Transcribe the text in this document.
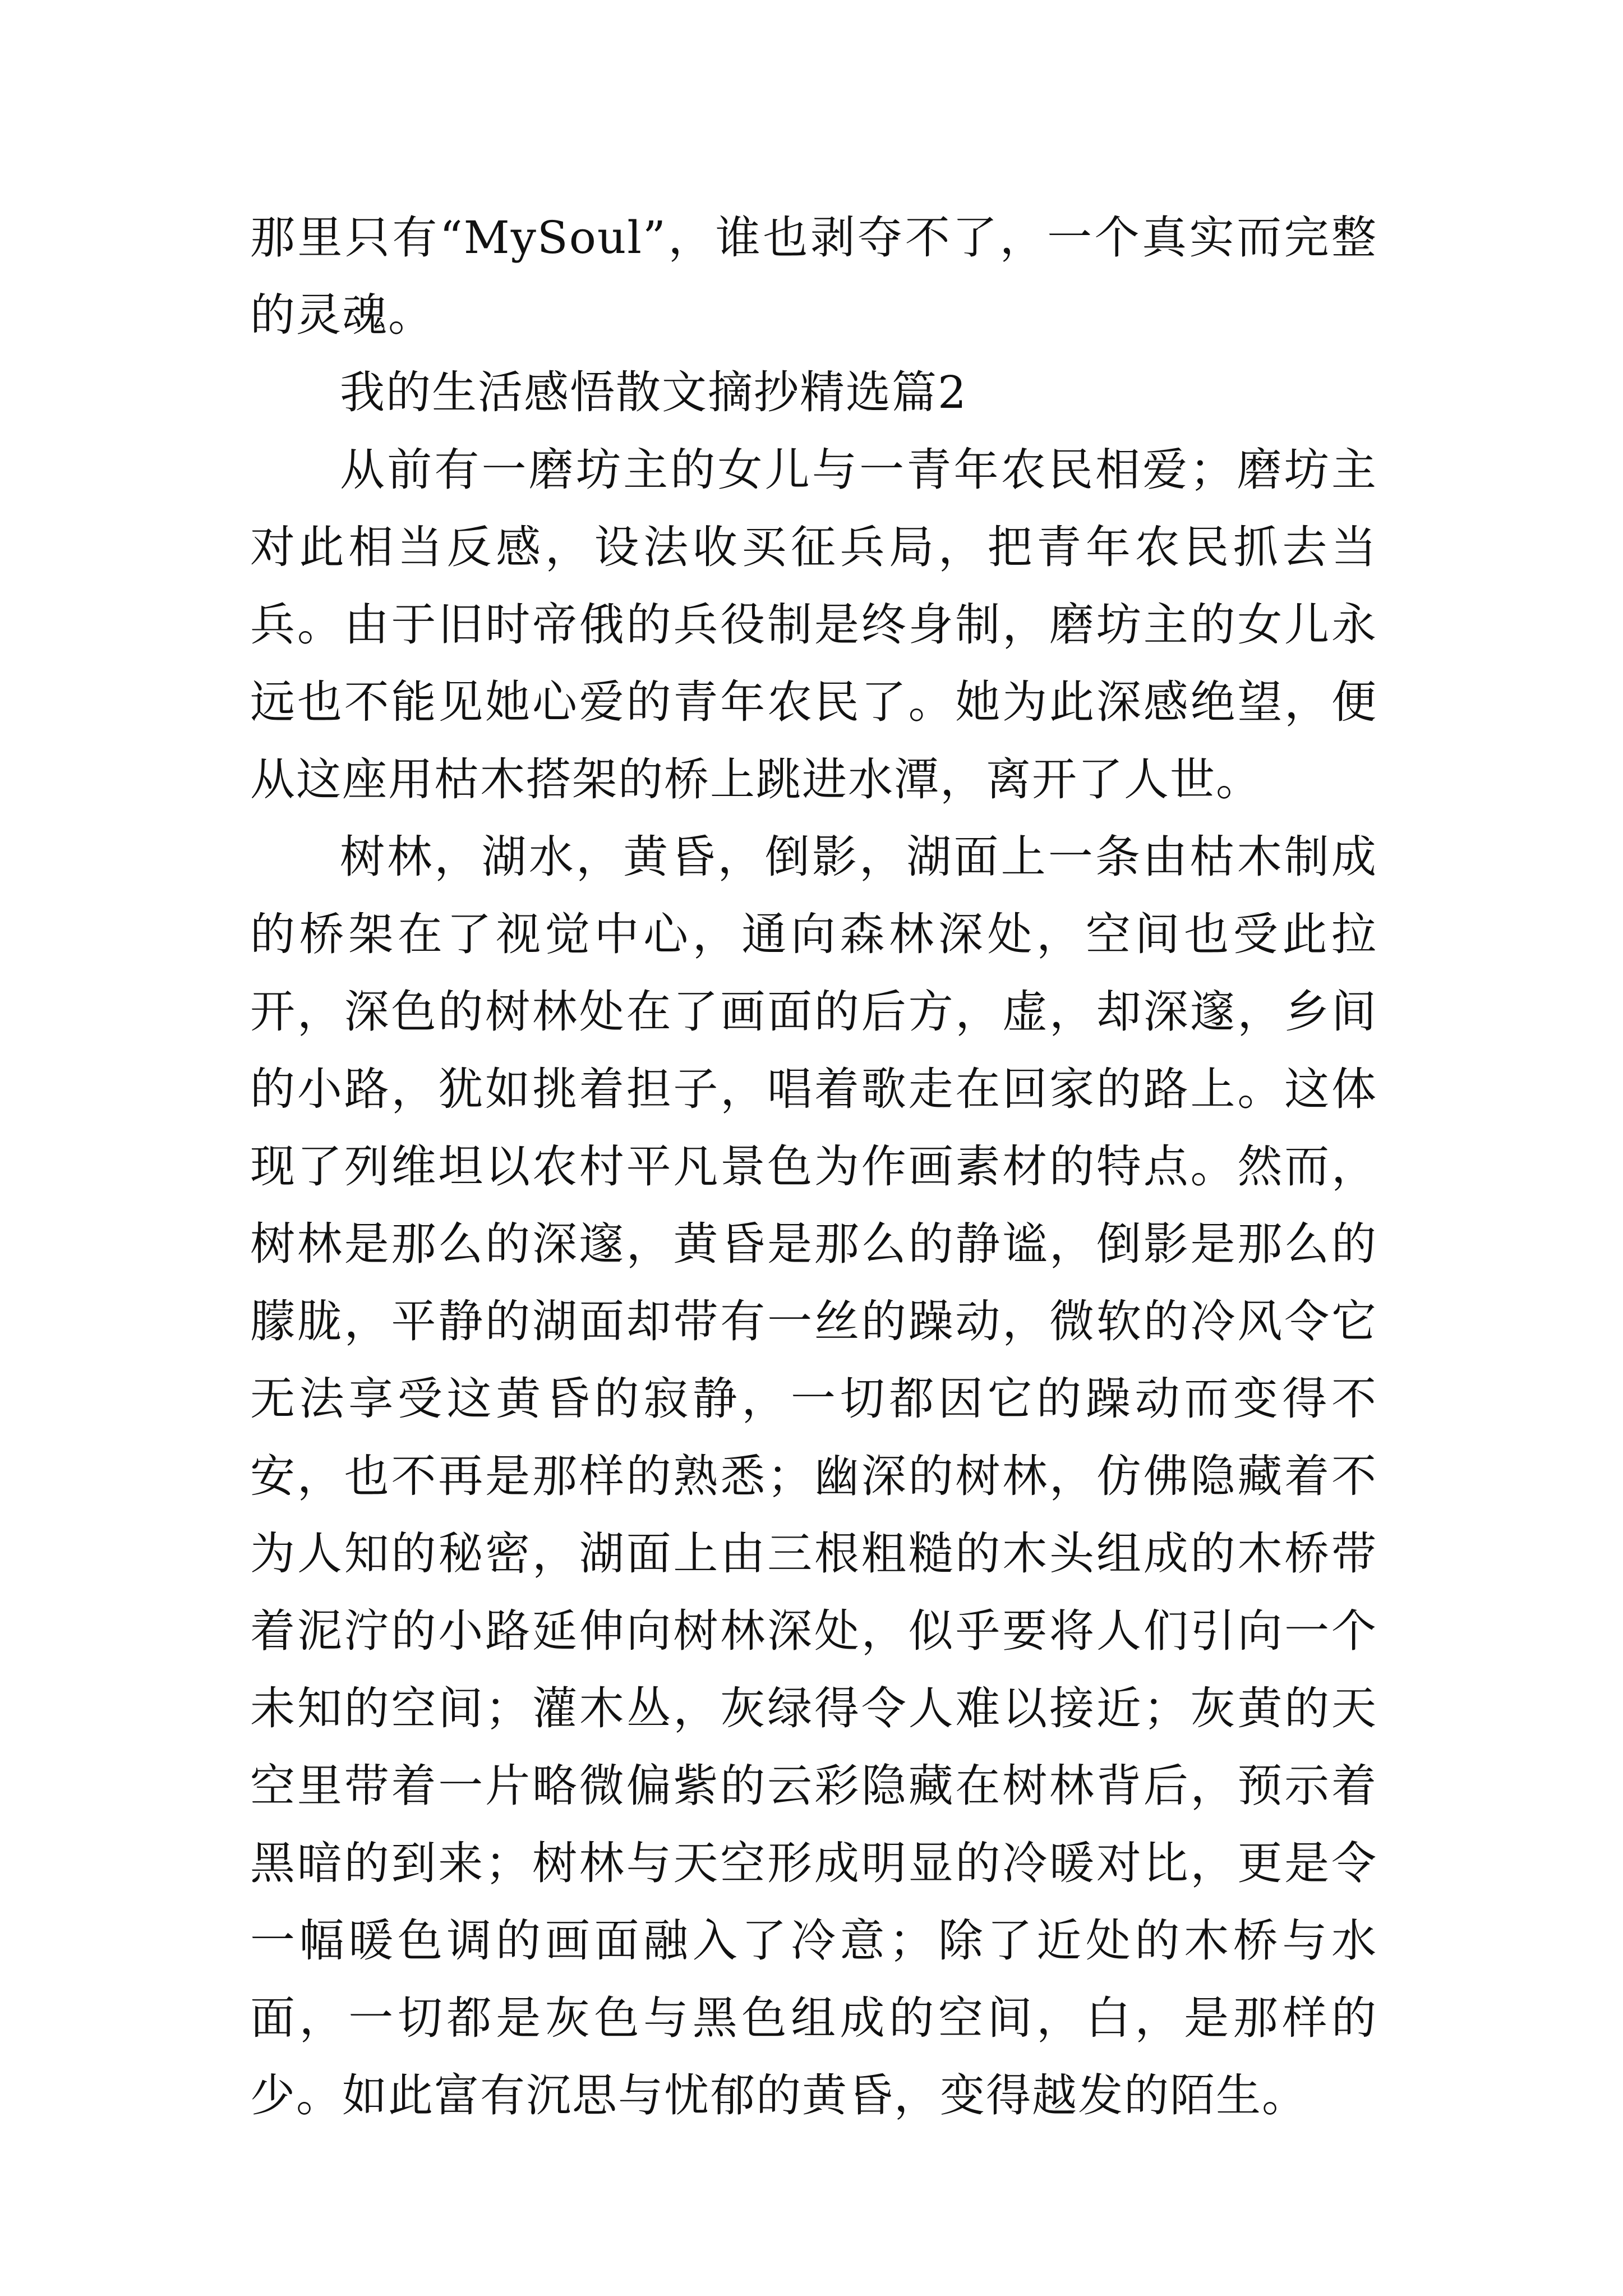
那里只有“MySoul”，谁也剥夺不了，一个真实而完整的灵魂。

我的生活感悟散文摘抄精选篇2

从前有一磨坊主的女儿与一青年农民相爱；磨坊主对此相当反感，设法收买征兵局，把青年农民抓去当兵。由于旧时帝俄的兵役制是终身制，磨坊主的女儿永远也不能见她心爱的青年农民了。她为此深感绝望，便从这座用枯木搭架的桥上跳进水潭，离开了人世。

树林，湖水，黄昏，倒影，湖面上一条由枯木制成的桥架在了视觉中心，通向森林深处，空间也受此拉开，深色的树林处在了画面的后方，虚，却深邃，乡间的小路，犹如挑着担子，唱着歌走在回家的路上。这体现了列维坦以农村平凡景色为作画素材的特点。然而，树林是那么的深邃，黄昏是那么的静谧，倒影是那么的朦胧，平静的湖面却带有一丝的躁动，微软的冷风令它无法享受这黄昏的寂静，一切都因它的躁动而变得不安，也不再是那样的熟悉；幽深的树林，仿佛隐藏着不为人知的秘密，湖面上由三根粗糙的木头组成的木桥带着泥泞的小路延伸向树林深处，似乎要将人们引向一个未知的空间；灌木丛，灰绿得令人难以接近；灰黄的天空里带着一片略微偏紫的云彩隐藏在树林背后，预示着黑暗的到来；树林与天空形成明显的冷暖对比，更是令一幅暖色调的画面融入了冷意；除了近处的木桥与水面，一切都是灰色与黑色组成的空间，白，是那样的少。如此富有沉思与忧郁的黄昏，变得越发的陌生。
